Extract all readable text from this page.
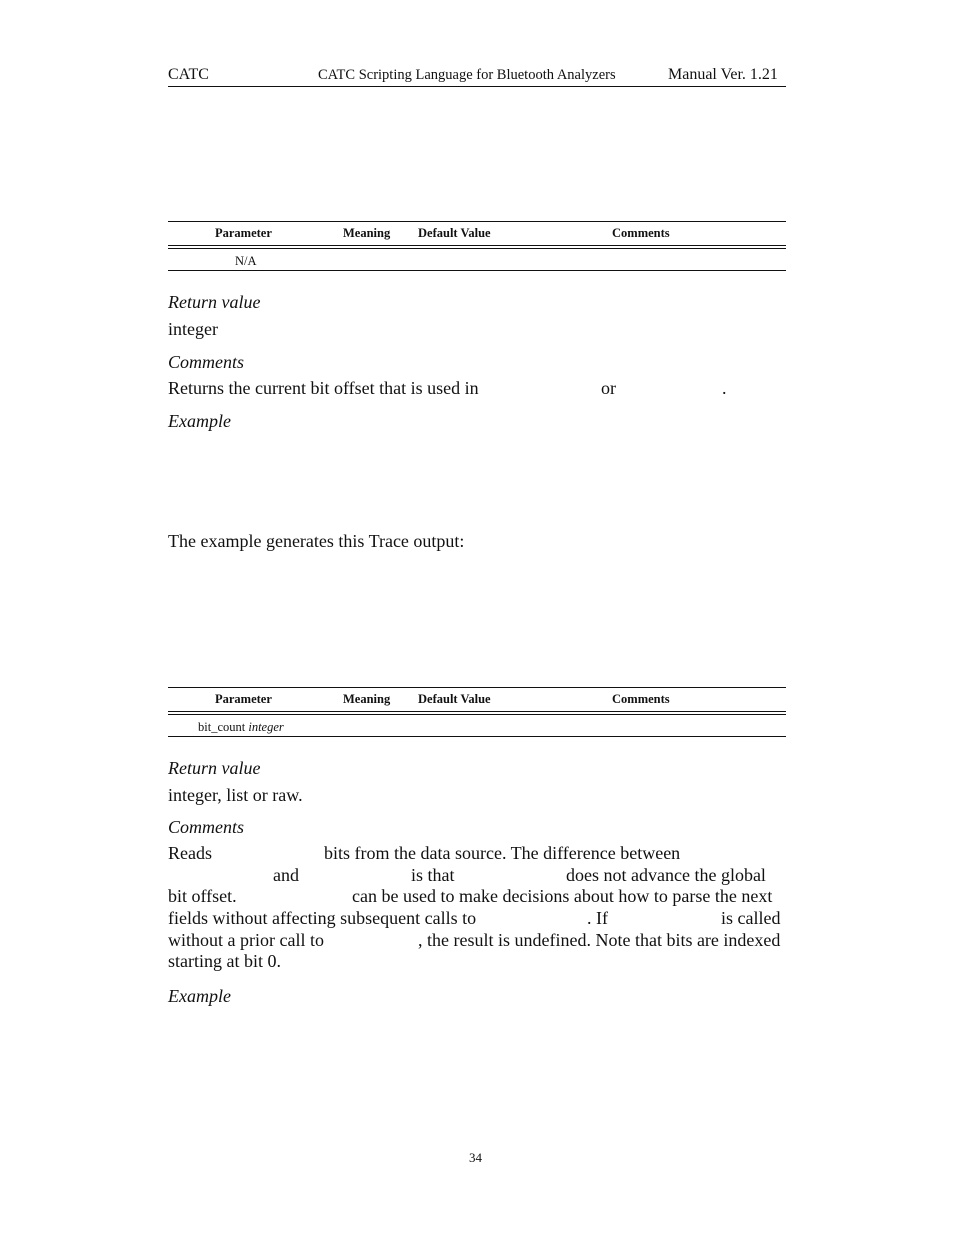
CATC	CATC Scripting Language for Bluetooth Analyzers	Manual Ver. 1.21
Parameter	Meaning Default Value	Comments
N/A
Return value
integer
Comments
Returns the current bit offset that is used in	or	.
Example
The example generates this Trace output:
Parameter	Meaning Default Value	Comments
bit_count integer
Return value
integer, list or raw.
Comments
Reads	bits from the data source. The difference between
and	is that	does not advance the global
bit offset.	can be used to make decisions about how to parse the next
fields without affecting subsequent calls to	. If	is called
without a prior call to	, the result is undefined. Note that bits are indexed
starting at bit 0.
Example
34
